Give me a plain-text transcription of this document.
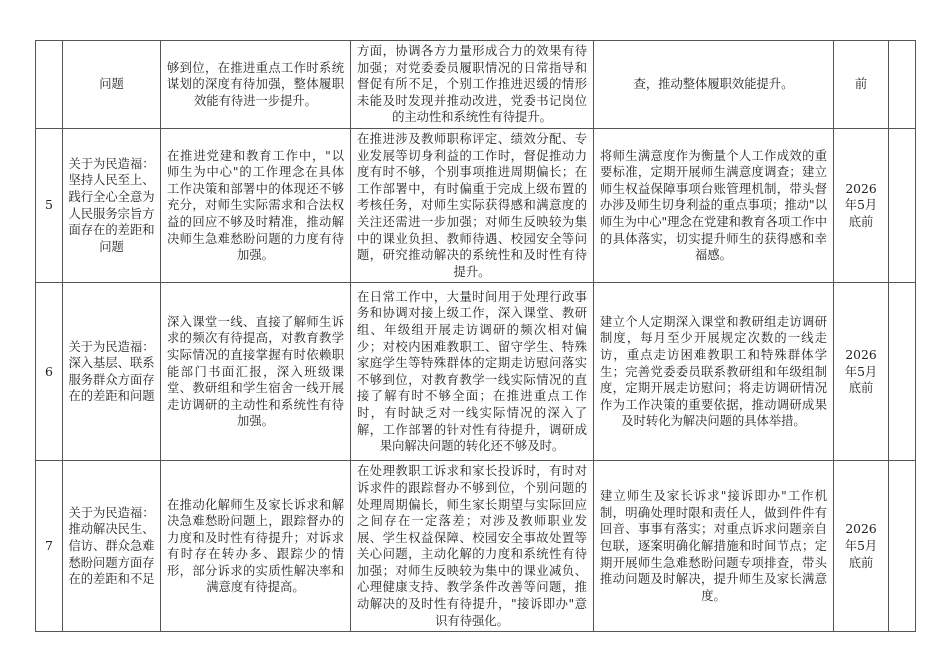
	问题	够到位，在推进重点工作时系统谋划的深度有待加强，整体履职效能有待进一步提升。	方面，协调各方力量形成合力的效果有待加强；对党委委员履职情况的日常指导和督促有所不足，个别工作推进迟缓的情形未能及时发现并推动改进，党委书记岗位的主动性和系统性有待提升。	查，推动整体履职效能提升。	前	
5	关于为民造福：坚持人民至上、践行全心全意为人民服务宗旨方面存在的差距和问题	在推进党建和教育工作中，"以师生为中心"的工作理念在具体工作决策和部署中的体现还不够充分，对师生实际需求和合法权益的回应不够及时精准，推动解决师生急难愁盼问题的力度有待加强。	在推进涉及教师职称评定、绩效分配、专业发展等切身利益的工作时，督促推动力度有时不够，个别事项推进周期偏长；在工作部署中，有时偏重于完成上级布置的考核任务，对师生实际获得感和满意度的关注还需进一步加强；对师生反映较为集中的课业负担、教师待遇、校园安全等问题，研究推动解决的系统性和及时性有待提升。	将师生满意度作为衡量个人工作成效的重要标准，定期开展师生满意度调查；建立师生权益保障事项台账管理机制，带头督办涉及师生切身利益的重点事项；推动"以师生为中心"理念在党建和教育各项工作中的具体落实，切实提升师生的获得感和幸福感。	2026年5月底前	
6	关于为民造福：深入基层、联系服务群众方面存在的差距和问题	深入课堂一线、直接了解师生诉求的频次有待提高，对教育教学实际情况的直接掌握有时依赖职能部门书面汇报，深入班级课堂、教研组和学生宿舍一线开展走访调研的主动性和系统性有待加强。	在日常工作中，大量时间用于处理行政事务和协调对接上级工作，深入课堂、教研组、年级组开展走访调研的频次相对偏少；对校内困难教职工、留守学生、特殊家庭学生等特殊群体的定期走访慰问落实不够到位，对教育教学一线实际情况的直接了解有时不够全面；在推进重点工作时，有时缺乏对一线实际情况的深入了解，工作部署的针对性有待提升，调研成果向解决问题的转化还不够及时。	建立个人定期深入课堂和教研组走访调研制度，每月至少开展规定次数的一线走访，重点走访困难教职工和特殊群体学生；完善党委委员联系教研组和年级组制度，定期开展走访慰问；将走访调研情况作为工作决策的重要依据，推动调研成果及时转化为解决问题的具体举措。	2026年5月底前	
7	关于为民造福：推动解决民生、信访、群众急难愁盼问题方面存在的差距和不足	在推动化解师生及家长诉求和解决急难愁盼问题上，跟踪督办的力度和及时性有待提升；对诉求有时存在转办多、跟踪少的情形，部分诉求的实质性解决率和满意度有待提高。	在处理教职工诉求和家长投诉时，有时对诉求件的跟踪督办不够到位，个别问题的处理周期偏长，师生家长期望与实际回应之间存在一定落差；对涉及教师职业发展、学生权益保障、校园安全事故处置等关心问题，主动化解的力度和系统性有待加强；对师生反映较为集中的课业减负、心理健康支持、教学条件改善等问题，推动解决的及时性有待提升，"接诉即办"意识有待强化。	建立师生及家长诉求"接诉即办"工作机制，明确处理时限和责任人，做到件件有回音、事事有落实；对重点诉求问题亲自包联，逐案明确化解措施和时间节点；定期开展师生急难愁盼问题专项排查，带头推动问题及时解决，提升师生及家长满意度。	2026年5月底前	
